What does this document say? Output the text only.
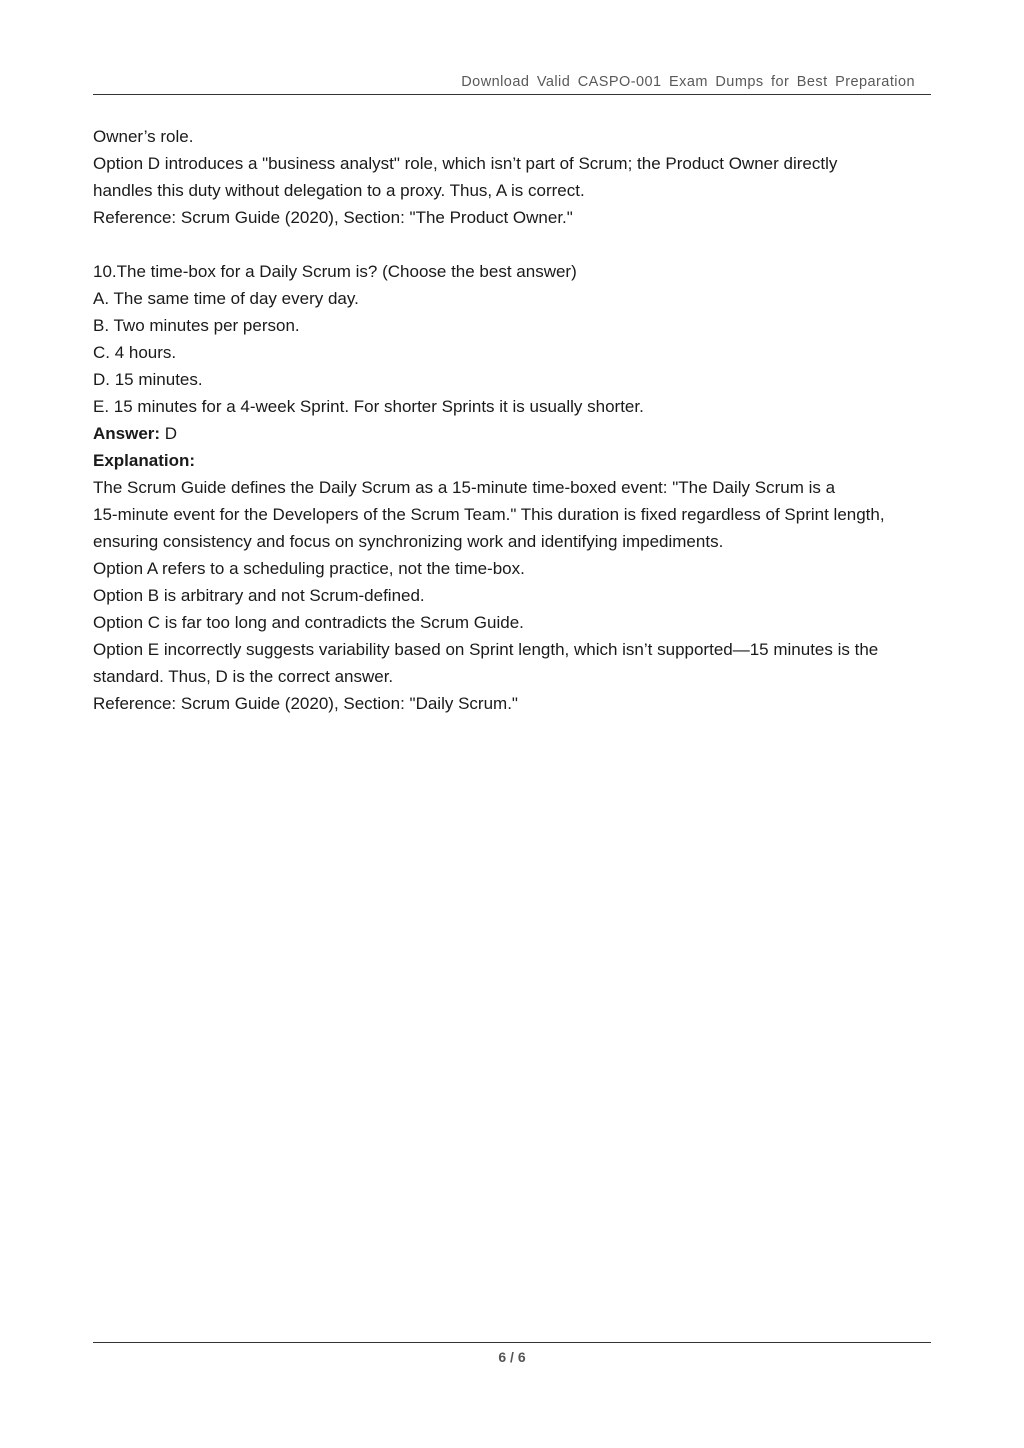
Download Valid CASPO-001 Exam Dumps for Best Preparation

Owner’s role.

Option D introduces a "business analyst" role, which isn’t part of Scrum; the Product Owner directly

handles this duty without delegation to a proxy. Thus, A is correct.

Reference: Scrum Guide (2020), Section: "The Product Owner."

10.The time-box for a Daily Scrum is? (Choose the best answer)

A. The same time of day every day.

B. Two minutes per person.

C. 4 hours.

D. 15 minutes.

E. 15 minutes for a 4-week Sprint. For shorter Sprints it is usually shorter.

Answer: D

Explanation:

The Scrum Guide defines the Daily Scrum as a 15-minute time-boxed event: "The Daily Scrum is a

15-minute event for the Developers of the Scrum Team." This duration is fixed regardless of Sprint length,

ensuring consistency and focus on synchronizing work and identifying impediments.

Option A refers to a scheduling practice, not the time-box.

Option B is arbitrary and not Scrum-defined.

Option C is far too long and contradicts the Scrum Guide.

Option E incorrectly suggests variability based on Sprint length, which isn’t supported—15 minutes is the

standard. Thus, D is the correct answer.

Reference: Scrum Guide (2020), Section: "Daily Scrum."

6 / 6
